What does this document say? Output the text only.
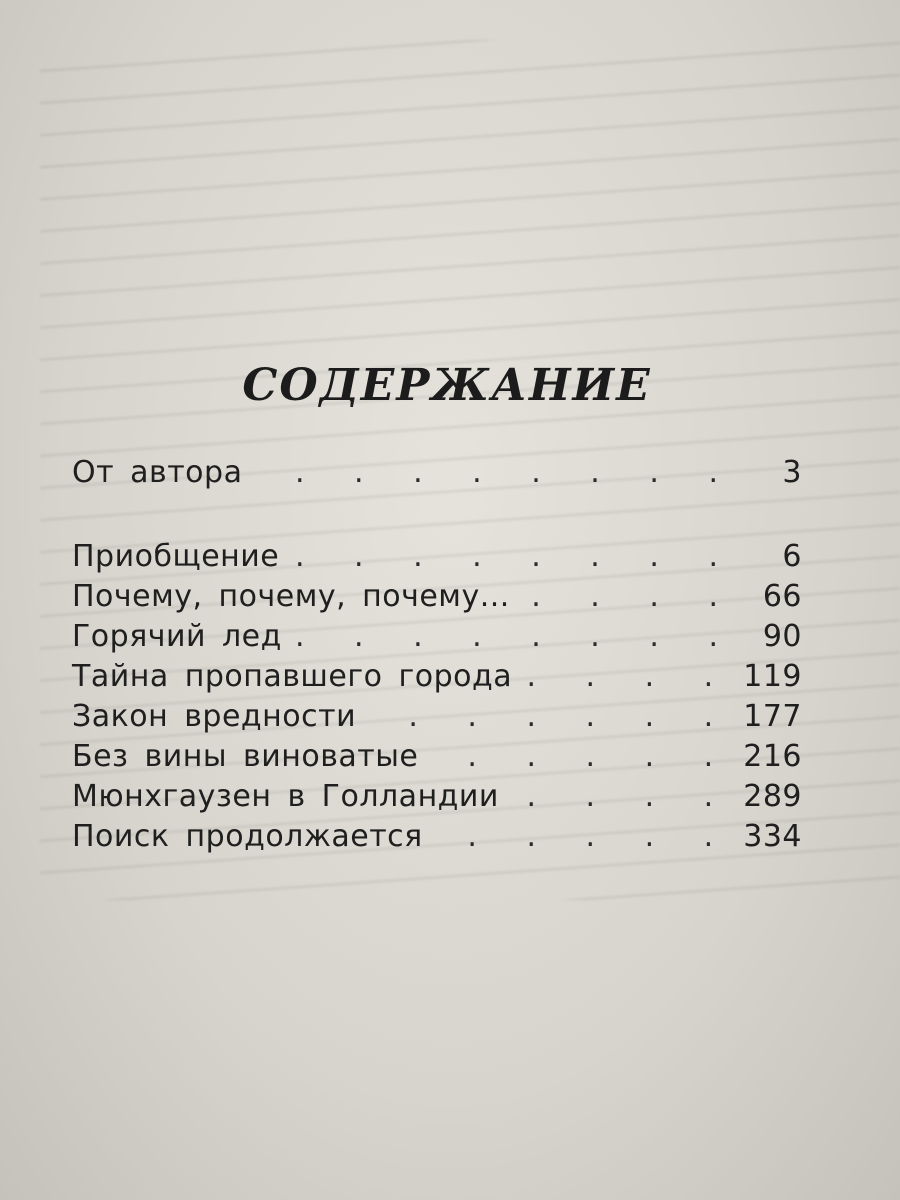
СОДЕРЖАНИЕ
От автора . . .	3
Приобщение . . .	6
Почему, почему, почему... . . .	66
Горячий лед . . .	90
Тайна пропавшего города . . .	119
Закон вредности . . .	177
Без вины виноватые . . .	216
Мюнхгаузен в Голландии . . .	289
Поиск продолжается . . .	334
